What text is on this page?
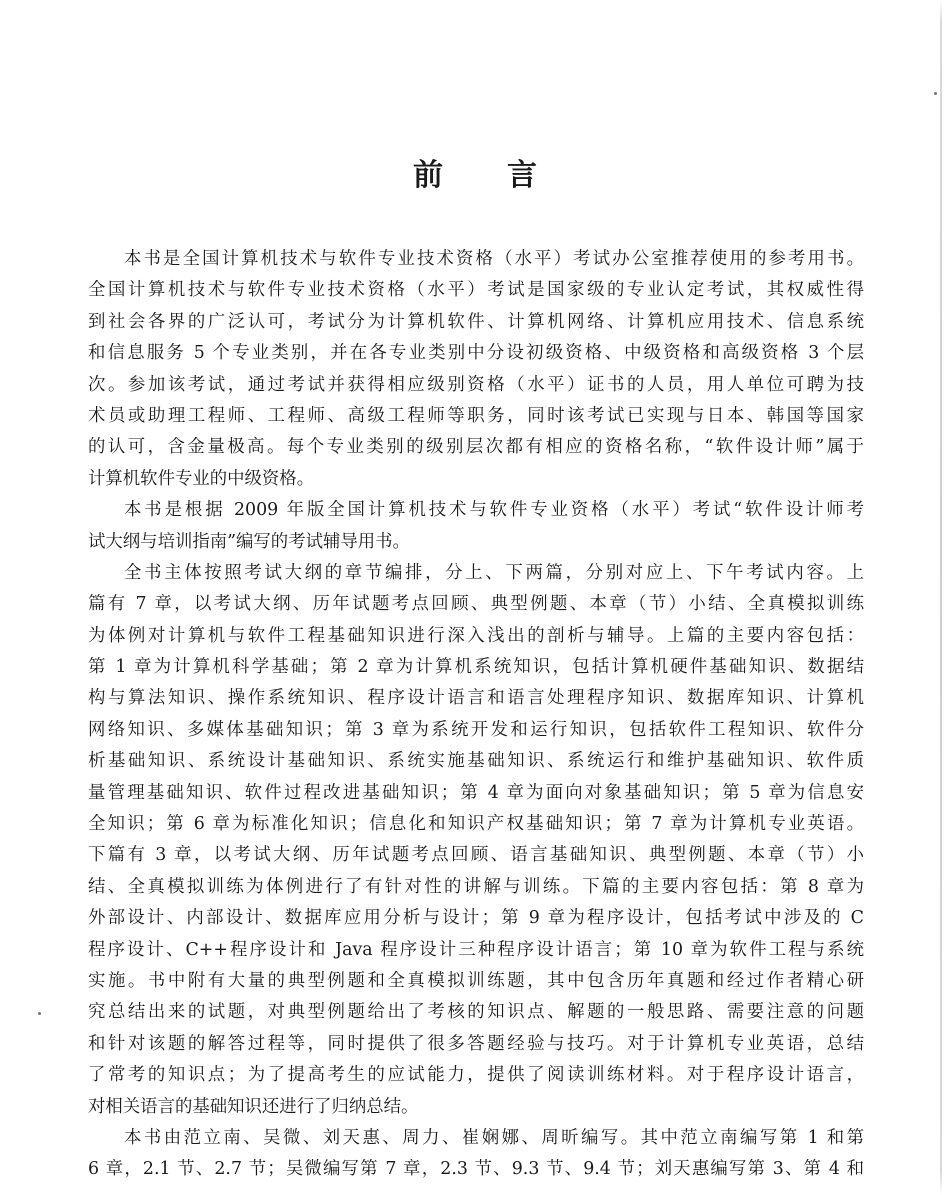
前 言
本书是全国计算机技术与软件专业技术资格（水平）考试办公室推荐使用的参考用书。
全国计算机技术与软件专业技术资格（水平）考试是国家级的专业认定考试，其权威性得
到社会各界的广泛认可，考试分为计算机软件、计算机网络、计算机应用技术、信息系统
和信息服务 5 个专业类别，并在各专业类别中分设初级资格、中级资格和高级资格 3 个层
次。参加该考试，通过考试并获得相应级别资格（水平）证书的人员，用人单位可聘为技
术员或助理工程师、工程师、高级工程师等职务，同时该考试已实现与日本、韩国等国家
的认可，含金量极高。每个专业类别的级别层次都有相应的资格名称，“软件设计师”属于
计算机软件专业的中级资格。
本书是根据 2009 年版全国计算机技术与软件专业资格（水平）考试“软件设计师考
试大纲与培训指南”编写的考试辅导用书。
全书主体按照考试大纲的章节编排，分上、下两篇，分别对应上、下午考试内容。上
篇有 7 章，以考试大纲、历年试题考点回顾、典型例题、本章（节）小结、全真模拟训练
为体例对计算机与软件工程基础知识进行深入浅出的剖析与辅导。上篇的主要内容包括：
第 1 章为计算机科学基础；第 2 章为计算机系统知识，包括计算机硬件基础知识、数据结
构与算法知识、操作系统知识、程序设计语言和语言处理程序知识、数据库知识、计算机
网络知识、多媒体基础知识；第 3 章为系统开发和运行知识，包括软件工程知识、软件分
析基础知识、系统设计基础知识、系统实施基础知识、系统运行和维护基础知识、软件质
量管理基础知识、软件过程改进基础知识；第 4 章为面向对象基础知识；第 5 章为信息安
全知识；第 6 章为标准化知识；信息化和知识产权基础知识；第 7 章为计算机专业英语。
下篇有 3 章，以考试大纲、历年试题考点回顾、语言基础知识、典型例题、本章（节）小
结、全真模拟训练为体例进行了有针对性的讲解与训练。下篇的主要内容包括：第 8 章为
外部设计、内部设计、数据库应用分析与设计；第 9 章为程序设计，包括考试中涉及的 C
程序设计、C++程序设计和 Java 程序设计三种程序设计语言；第 10 章为软件工程与系统
实施。书中附有大量的典型例题和全真模拟训练题，其中包含历年真题和经过作者精心研
究总结出来的试题，对典型例题给出了考核的知识点、解题的一般思路、需要注意的问题
和针对该题的解答过程等，同时提供了很多答题经验与技巧。对于计算机专业英语，总结
了常考的知识点；为了提高考生的应试能力，提供了阅读训练材料。对于程序设计语言，
对相关语言的基础知识还进行了归纳总结。
本书由范立南、吴微、刘天惠、周力、崔娴娜、周昕编写。其中范立南编写第 1 和第
6 章，2.1 节、2.7 节；吴微编写第 7 章，2.3 节、9.3 节、9.4 节；刘天惠编写第 3、第 4 和
